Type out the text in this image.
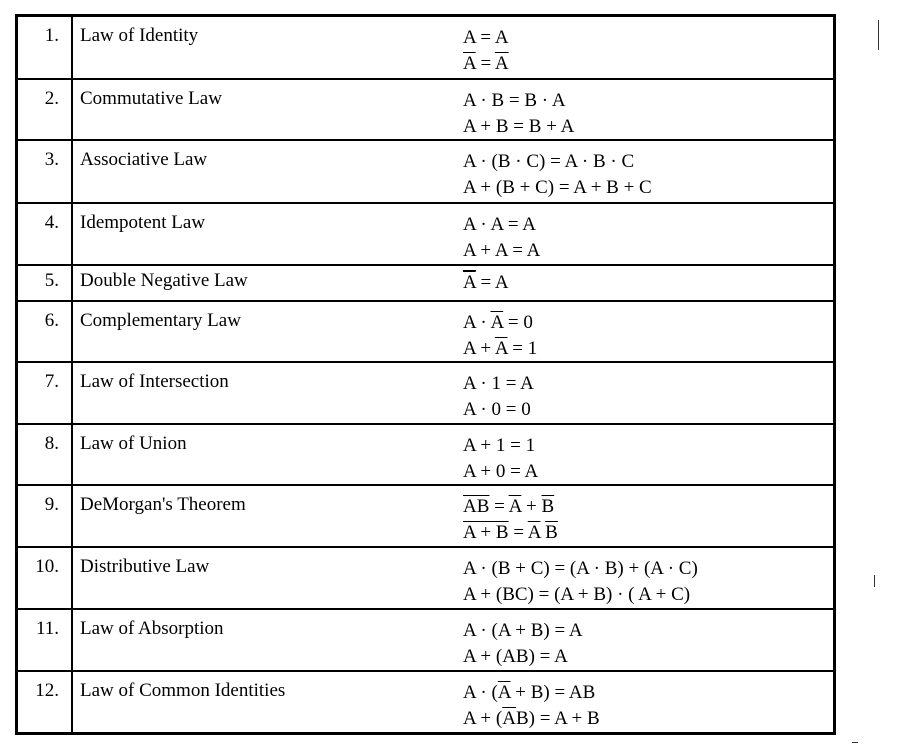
1.	Law of Identity	A = A
$\overline{A} = \overline{A}$
2.	Commutative Law	A · B = B · A
A + B = B + A
3.	Associative Law	A · (B · C) = A · B · C
A + (B + C) = A + B + C
4.	Idempotent Law	A · A = A
A + A = A
5.	Double Negative Law	$\overline{A} = A$
6.	Complementary Law	$A \cdot \overline{A} = 0$
$A + \overline{A} = 1$
7.	Law of Intersection	A · 1 = A
A · 0 = 0
8.	Law of Union	A + 1 = 1
A + 0 = A
9.	DeMorgan's Theorem	$\overline{AB} = \overline{A} + \overline{B}$
$A + B = \overline{A}$ $\overline{B}$
10.	Distributive Law	A · (B + C) = (A · B) + (A · C)
A + (BC) = (A + B) · ( A + C)
11.	Law of Absorption	A · (A + B) = A
A + (AB) = A
12.	Law of Common Identities	$A \cdot (\overline{A} + B)$ = AB
$A + (\overline{A}B) = A + B$
